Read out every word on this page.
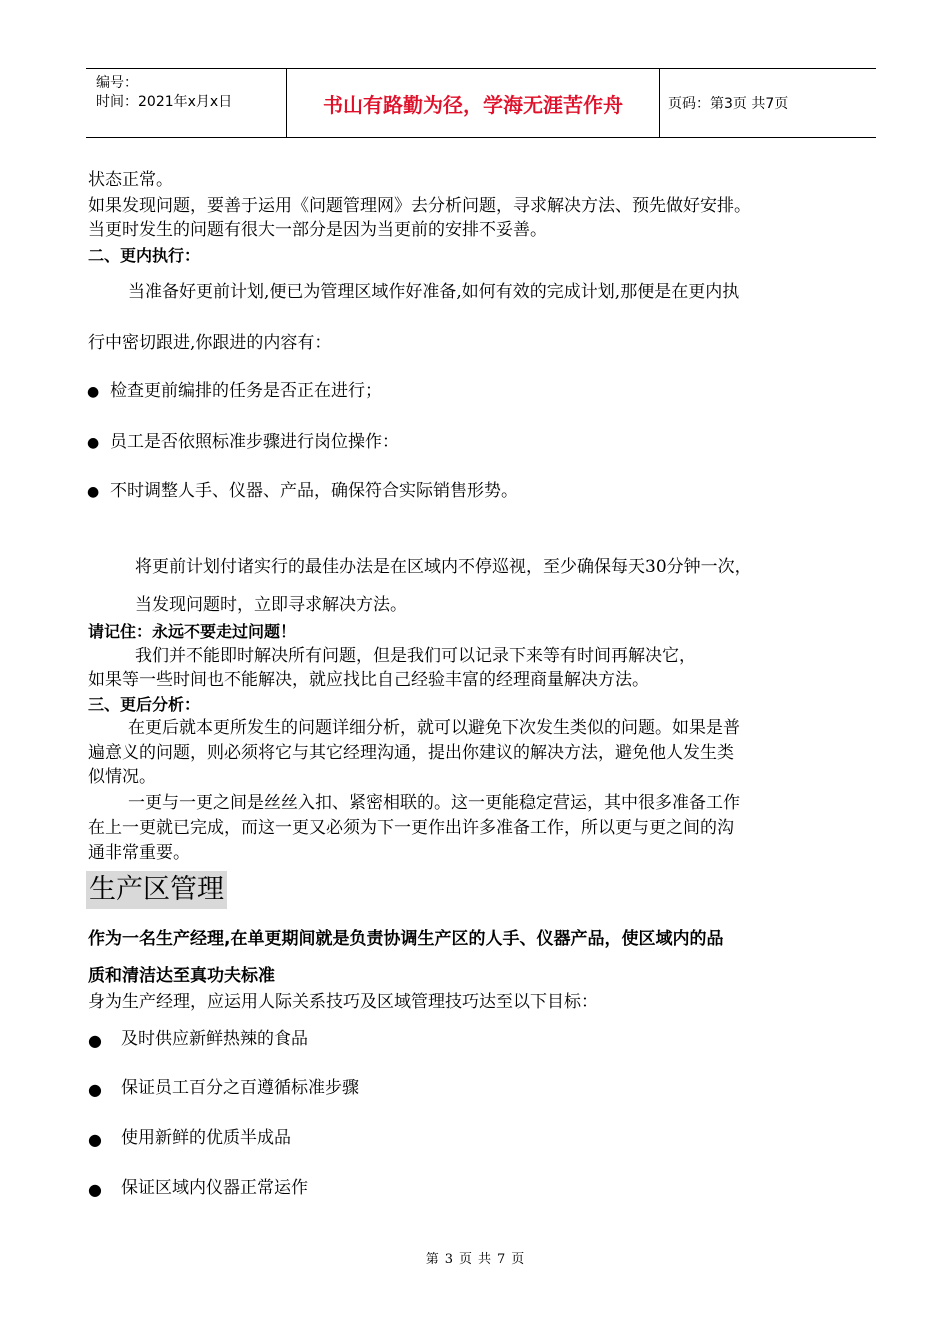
编号：
时间：2021年x月x日	书山有路勤为径，学海无涯苦作舟	页码：第3页 共7页
状态正常。
如果发现问题，要善于运用《问题管理网》去分析问题，寻求解决方法、预先做好安排。
当更时发生的问题有很大一部分是因为当更前的安排不妥善。
二、更内执行：
当准备好更前计划,便已为管理区域作好准备,如何有效的完成计划,那便是在更内执
行中密切跟进,你跟进的内容有：
● 检查更前编排的任务是否正在进行；
● 员工是否依照标准步骤进行岗位操作：
● 不时调整人手、仪器、产品，确保符合实际销售形势。
将更前计划付诸实行的最佳办法是在区域内不停巡视，至少确保每天30分钟一次，
当发现问题时，立即寻求解决方法。
请记住：永远不要走过问题！
我们并不能即时解决所有问题，但是我们可以记录下来等有时间再解决它，
如果等一些时间也不能解决，就应找比自己经验丰富的经理商量解决方法。
三、更后分析：
在更后就本更所发生的问题详细分析，就可以避免下次发生类似的问题。如果是普
遍意义的问题，则必须将它与其它经理沟通，提出你建议的解决方法，避免他人发生类
似情况。
一更与一更之间是丝丝入扣、紧密相联的。这一更能稳定营运，其中很多准备工作
在上一更就已完成，而这一更又必须为下一更作出许多准备工作，所以更与更之间的沟
通非常重要。
生产区管理
作为一名生产经理,在单更期间就是负责协调生产区的人手、仪器产品，使区域内的品
质和清洁达至真功夫标准
身为生产经理，应运用人际关系技巧及区域管理技巧达至以下目标：
● 及时供应新鲜热辣的食品
● 保证员工百分之百遵循标准步骤
● 使用新鲜的优质半成品
● 保证区域内仪器正常运作
第 3 页 共 7 页
